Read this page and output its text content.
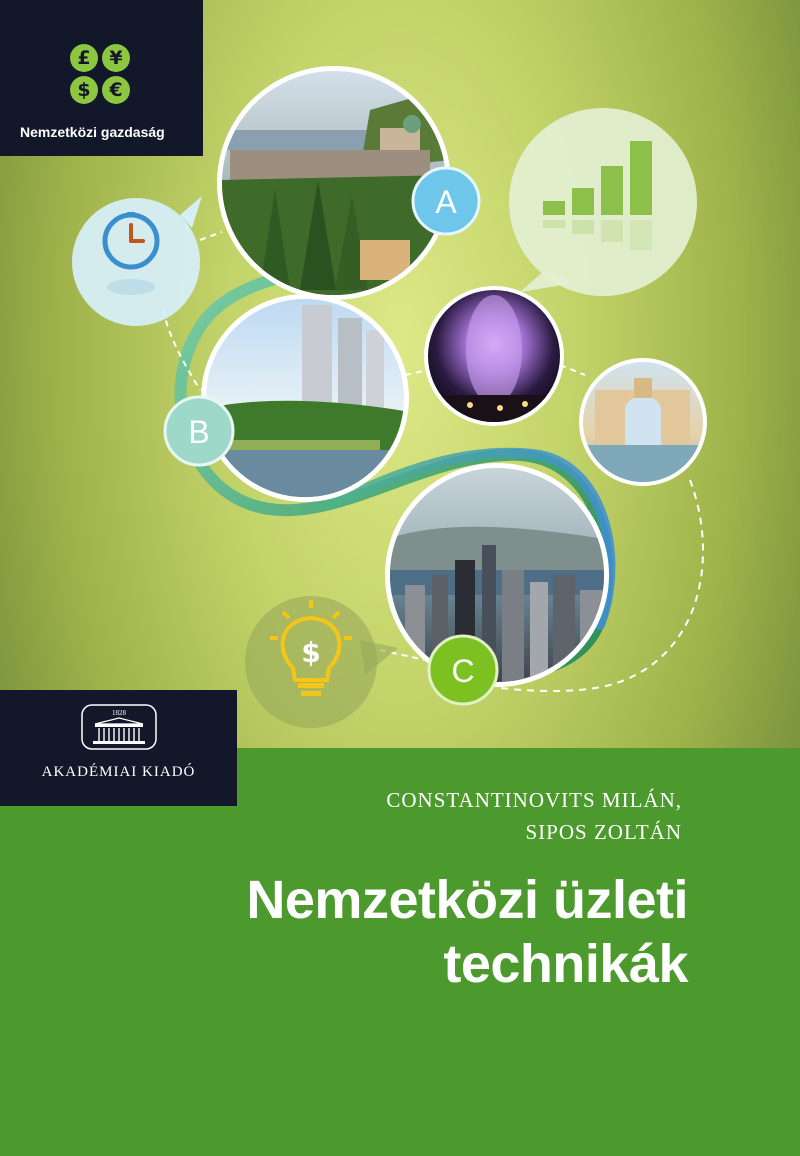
$
A
B
C
£ ¥
$ €
Nemzetközi gazdaság
1828
AKADÉMIAI KIADÓ
CONSTANTINOVITS MILÁN,
SIPOS ZOLTÁN
Nemzetközi üzleti
technikák
